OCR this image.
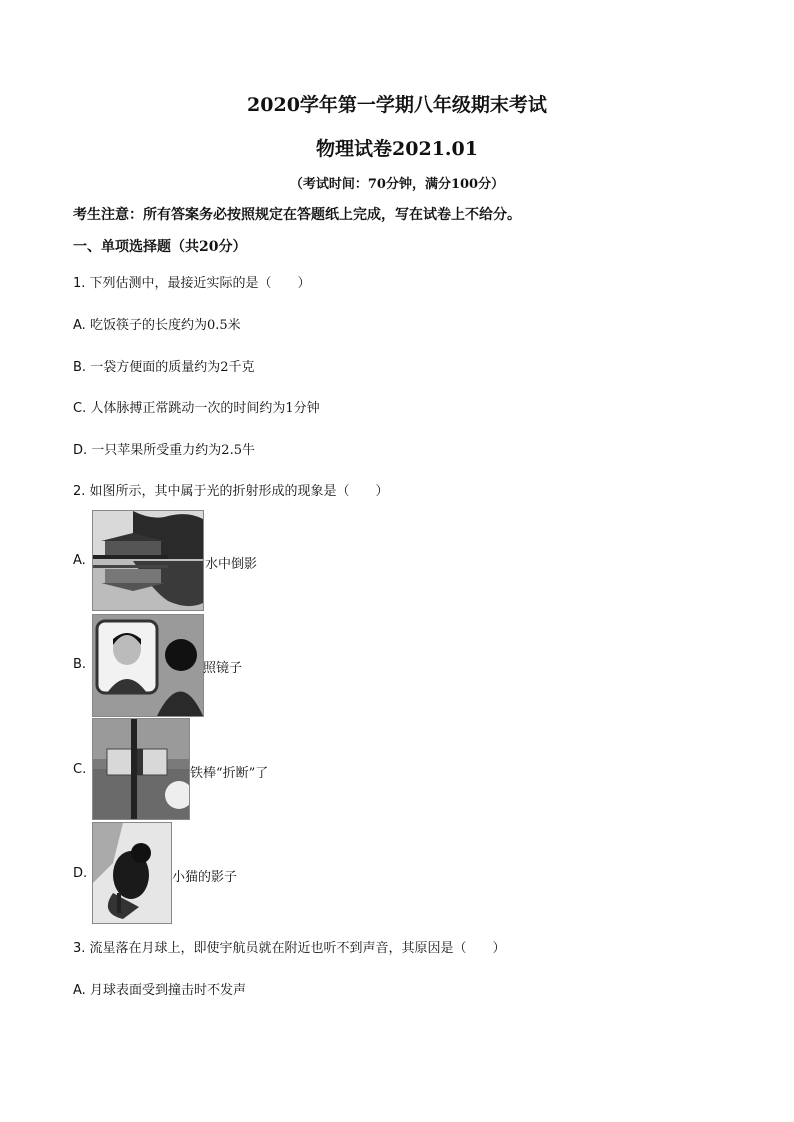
2020学年第一学期八年级期末考试
物理试卷2021.01
（考试时间：70分钟，满分100分）
考生注意：所有答案务必按照规定在答题纸上完成，写在试卷上不给分。
一、单项选择题（共20分）
1. 下列估测中，最接近实际的是（　　）
A. 吃饭筷子的长度约为0.5米
B. 一袋方便面的质量约为2千克
C. 人体脉搏正常跳动一次的时间约为1分钟
D. 一只苹果所受重力约为2.5牛
2. 如图所示，其中属于光的折射形成的现象是（　　）
A.	水中倒影
B.	照镜子
C.	铁棒“折断”了
D.	小猫的影子
3. 流星落在月球上，即使宇航员就在附近也听不到声音，其原因是（　　）
A. 月球表面受到撞击时不发声
